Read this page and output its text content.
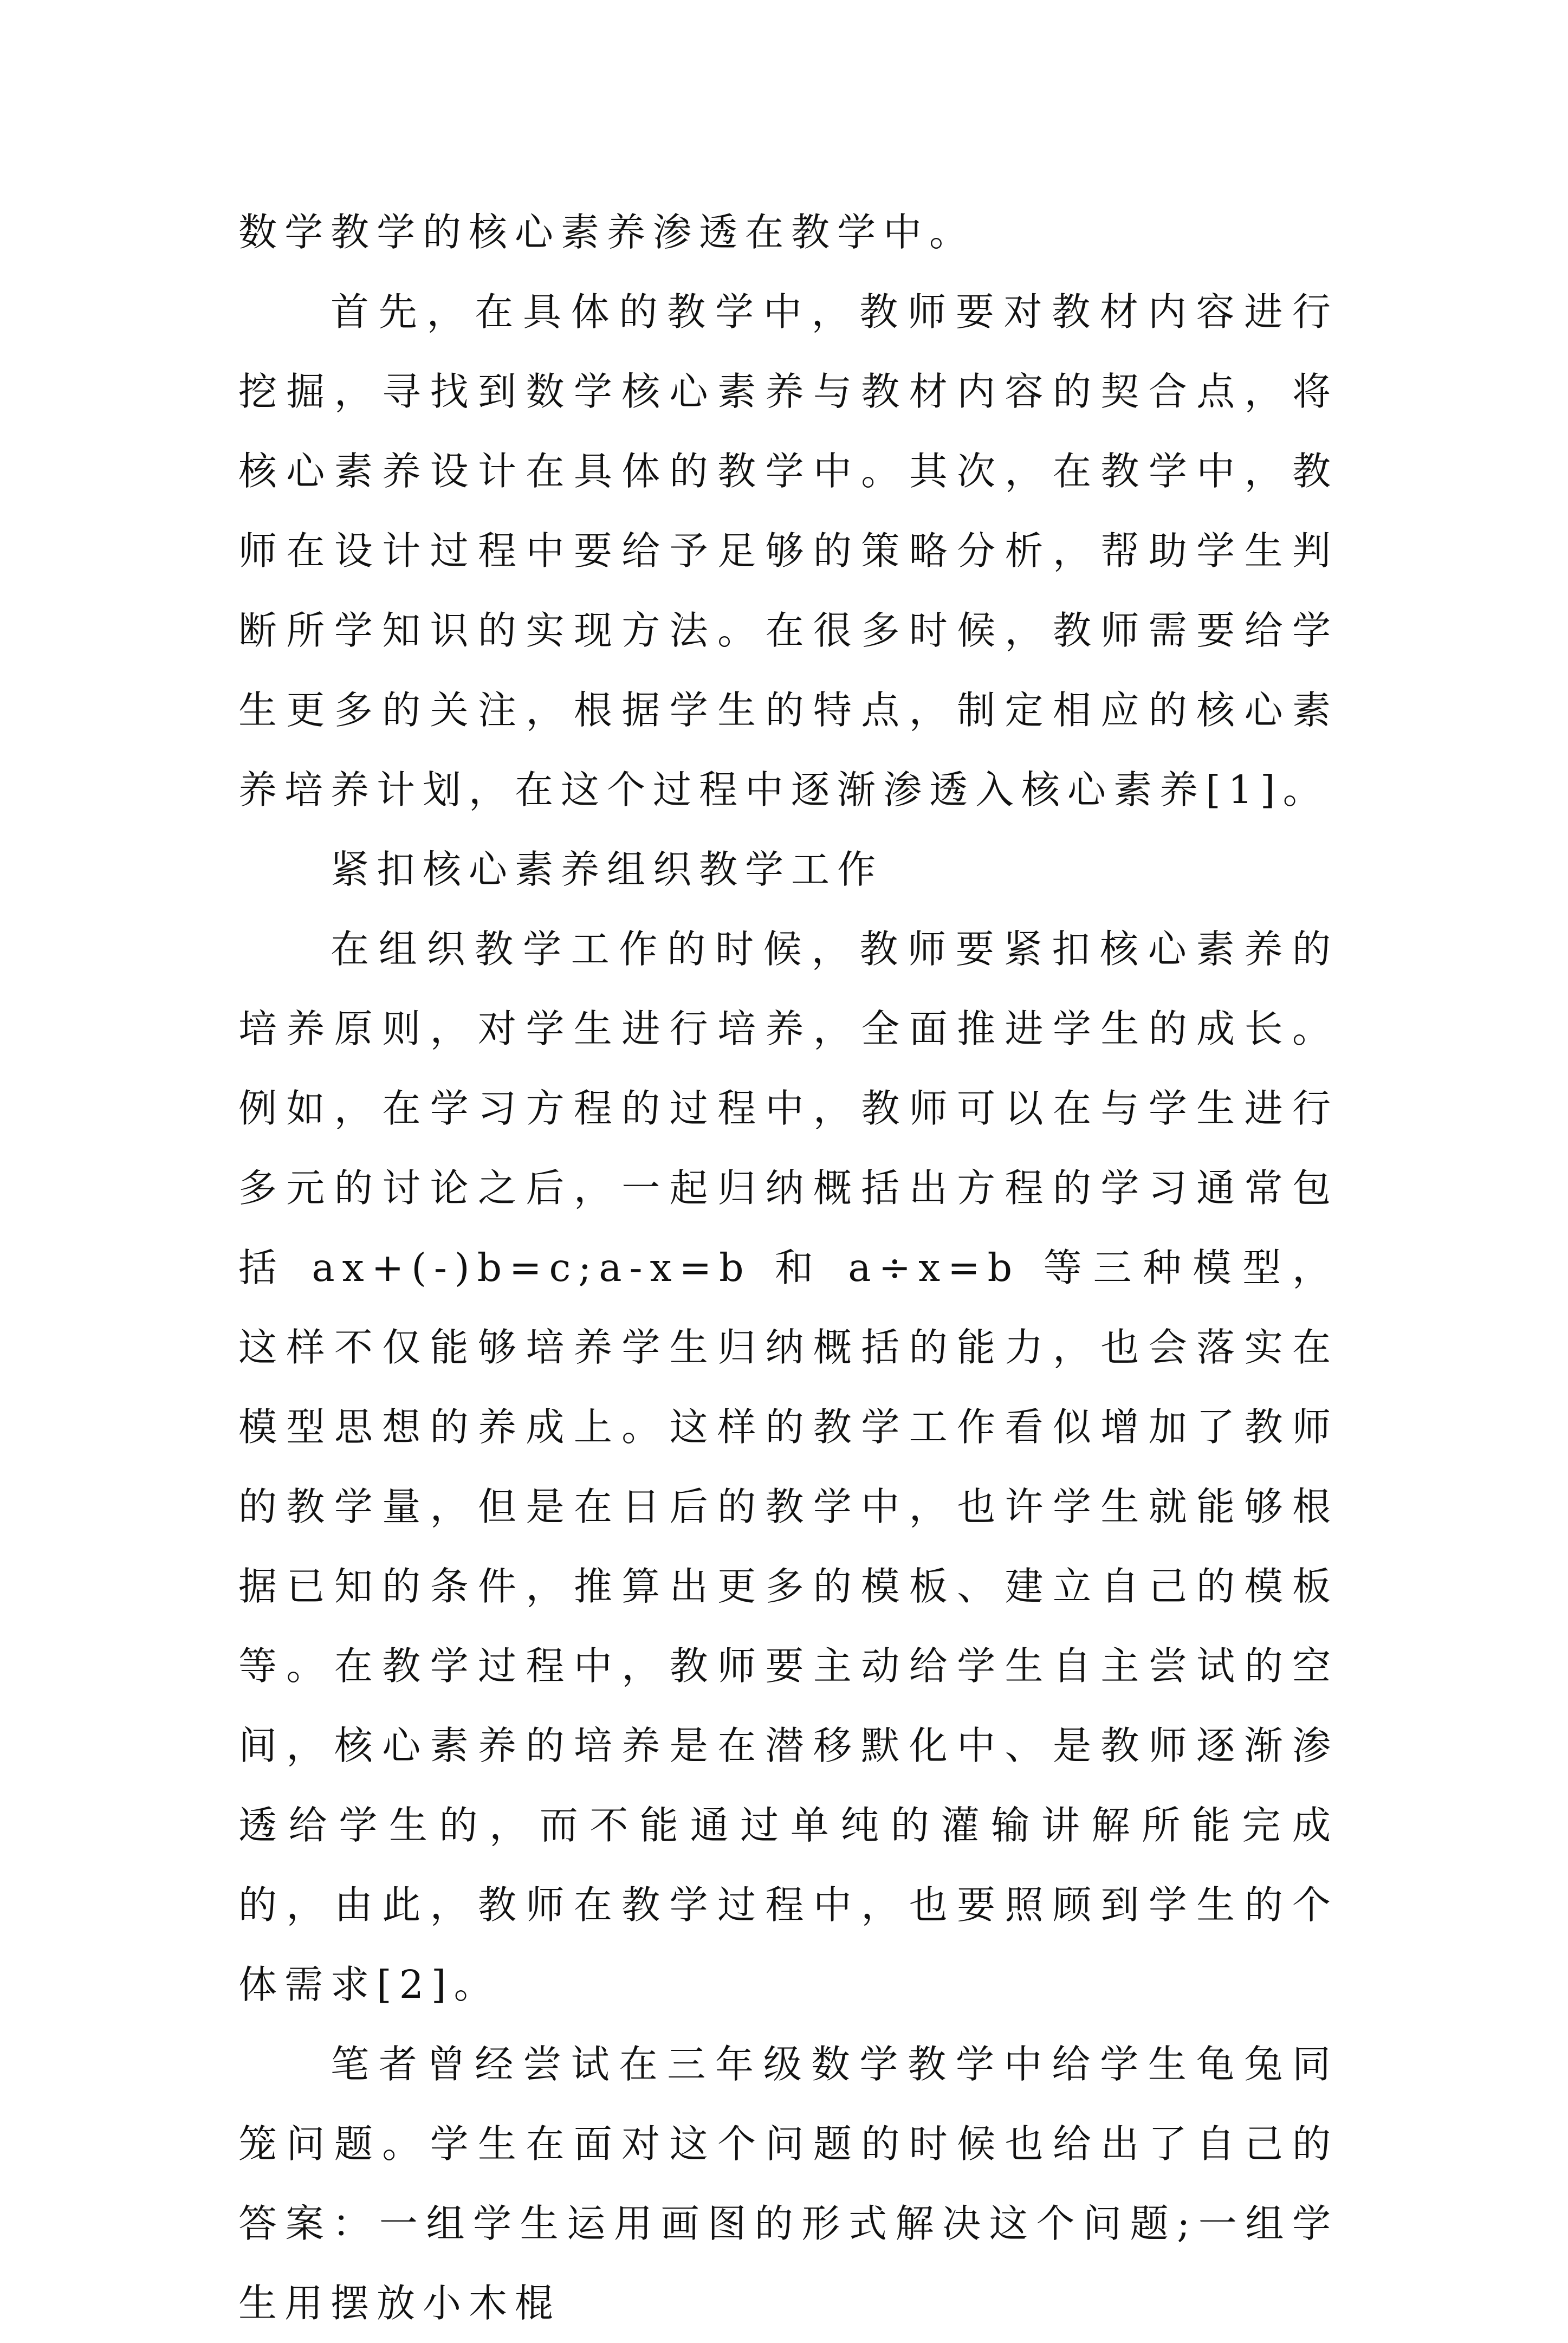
数学教学的核心素养渗透在教学中。

首先，在具体的教学中，教师要对教材内容进行挖掘，寻找到数学核心素养与教材内容的契合点，将核心素养设计在具体的教学中。其次，在教学中，教师在设计过程中要给予足够的策略分析，帮助学生判断所学知识的实现方法。在很多时候，教师需要给学生更多的关注，根据学生的特点，制定相应的核心素养培养计划，在这个过程中逐渐渗透入核心素养[1]。

紧扣核心素养组织教学工作

在组织教学工作的时候，教师要紧扣核心素养的培养原则，对学生进行培养，全面推进学生的成长。例如，在学习方程的过程中，教师可以在与学生进行多元的讨论之后，一起归纳概括出方程的学习通常包括 ax+(-)b=c;a-x=b 和 a÷x=b 等三种模型，这样不仅能够培养学生归纳概括的能力，也会落实在模型思想的养成上。这样的教学工作看似增加了教师的教学量，但是在日后的教学中，也许学生就能够根据已知的条件，推算出更多的模板、建立自己的模板等。在教学过程中，教师要主动给学生自主尝试的空间，核心素养的培养是在潜移默化中、是教师逐渐渗透给学生的，而不能通过单纯的灌输讲解所能完成的，由此，教师在教学过程中，也要照顾到学生的个体需求[2]。

笔者曾经尝试在三年级数学教学中给学生龟兔同笼问题。学生在面对这个问题的时候也给出了自己的答案：一组学生运用画图的形式解决这个问题;一组学生用摆放小木棍
